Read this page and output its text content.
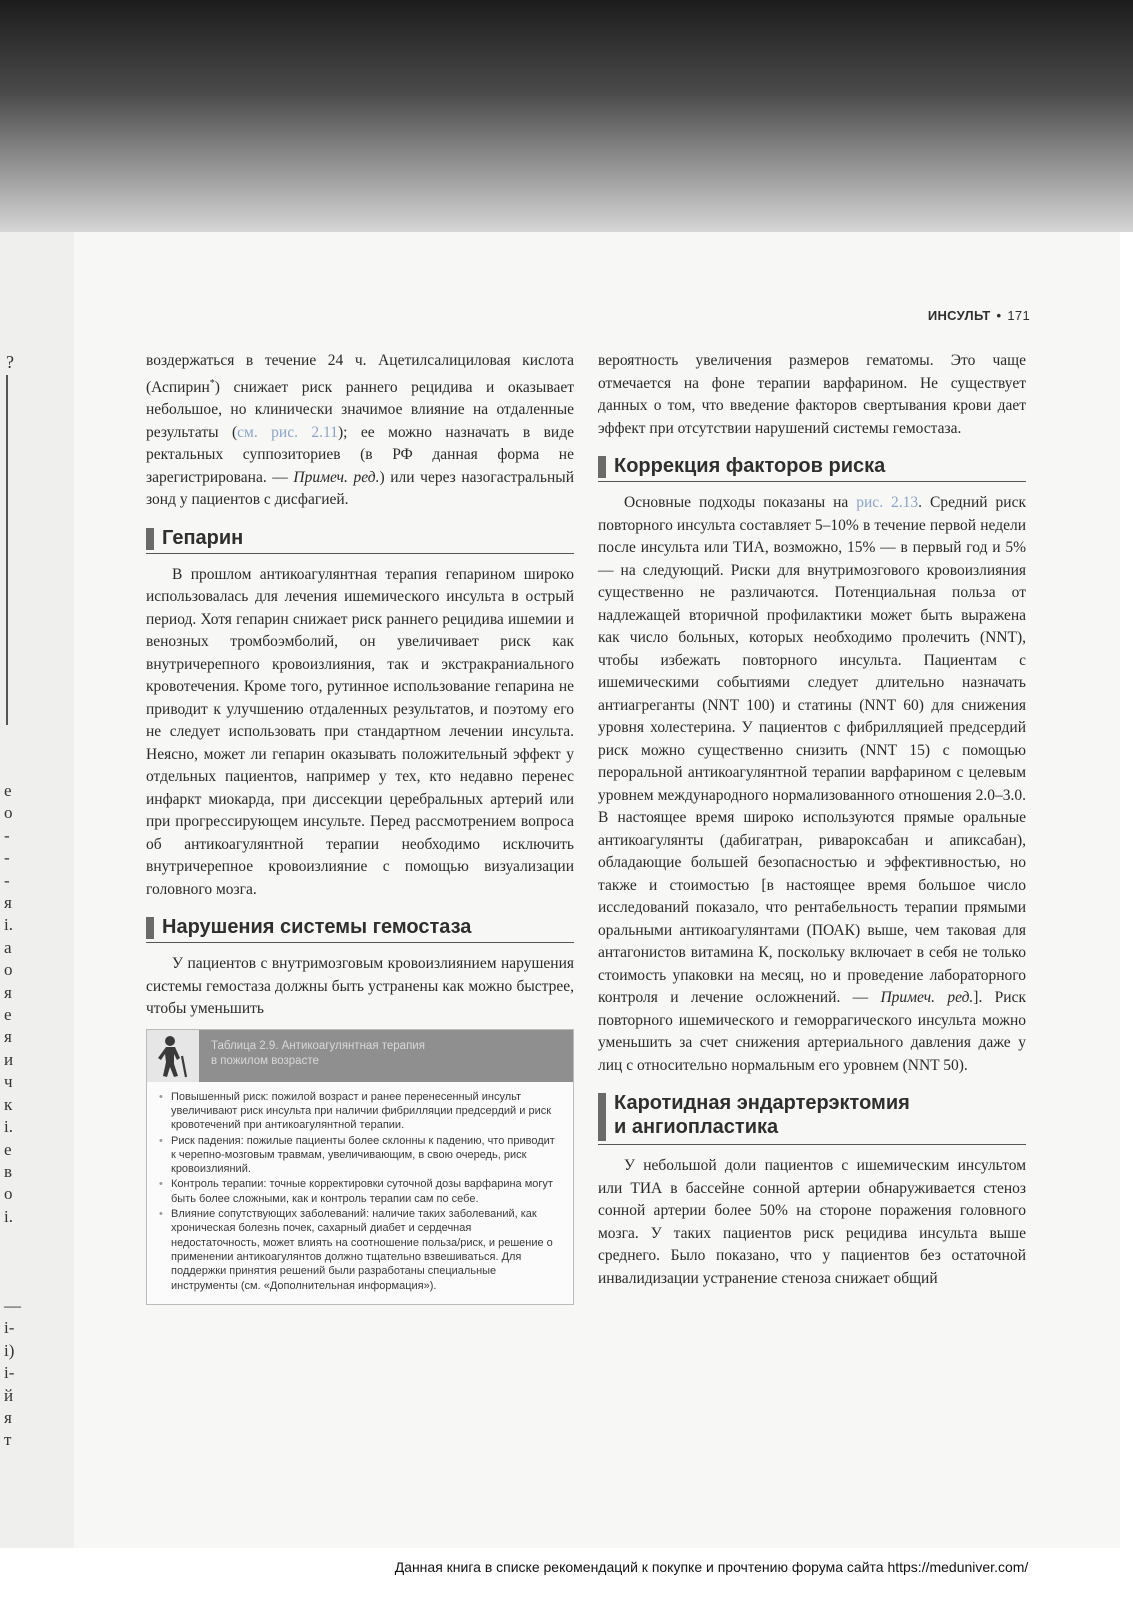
?
е
о
-
-
-
я
і.
а
о
я
е
я
и
ч
к
і.
е
в
о
і.
—
і-
і)
і-
й
я
т
ИНСУЛЬТ • 171

воздержаться в течение 24 ч. Ацетилсалициловая кислота (Аспирин*) снижает риск раннего рецидива и оказывает небольшое, но клинически значимое влияние на отдаленные результаты (см. рис. 2.11); ее можно назначать в виде ректальных суппозиториев (в РФ данная форма не зарегистрирована. — Примеч. ред.) или через назогастральный зонд у пациентов с дисфагией.

Гепарин

В прошлом антикоагулянтная терапия гепарином широко использовалась для лечения ишемического инсульта в острый период. Хотя гепарин снижает риск раннего рецидива ишемии и венозных тромбоэмболий, он увеличивает риск как внутричерепного кровоизлияния, так и экстракраниального кровотечения. Кроме того, рутинное использование гепарина не приводит к улучшению отдаленных результатов, и поэтому его не следует использовать при стандартном лечении инсульта. Неясно, может ли гепарин оказывать положительный эффект у отдельных пациентов, например у тех, кто недавно перенес инфаркт миокарда, при диссекции церебральных артерий или при прогрессирующем инсульте. Перед рассмотрением вопроса об антикоагулянтной терапии необходимо исключить внутричерепное кровоизлияние с помощью визуализации головного мозга.

Нарушения системы гемостаза

У пациентов с внутримозговым кровоизлиянием нарушения системы гемостаза должны быть устранены как можно быстрее, чтобы уменьшить

Таблица 2.9. Антикоагулянтная терапия
в пожилом возрасте
• Повышенный риск: пожилой возраст и ранее перенесенный инсульт увеличивают риск инсульта при наличии фибрилляции предсердий и риск кровотечений при антикоагулянтной терапии.
• Риск падения: пожилые пациенты более склонны к падению, что приводит к черепно-мозговым травмам, увеличивающим, в свою очередь, риск кровоизлияний.
• Контроль терапии: точные корректировки суточной дозы варфарина могут быть более сложными, как и контроль терапии сам по себе.
• Влияние сопутствующих заболеваний: наличие таких заболеваний, как хроническая болезнь почек, сахарный диабет и сердечная недостаточность, может влиять на соотношение польза/риск, и решение о применении антикоагулянтов должно тщательно взвешиваться. Для поддержки принятия решений были разработаны специальные инструменты (см. «Дополнительная информация»).

вероятность увеличения размеров гематомы. Это чаще отмечается на фоне терапии варфарином. Не существует данных о том, что введение факторов свертывания крови дает эффект при отсутствии нарушений системы гемостаза.

Коррекция факторов риска

Основные подходы показаны на рис. 2.13. Средний риск повторного инсульта составляет 5–10% в течение первой недели после инсульта или ТИА, возможно, 15% — в первый год и 5% — на следующий. Риски для внутримозгового кровоизлияния существенно не различаются. Потенциальная польза от надлежащей вторичной профилактики может быть выражена как число больных, которых необходимо пролечить (NNT), чтобы избежать повторного инсульта. Пациентам с ишемическими событиями следует длительно назначать антиагреганты (NNT 100) и статины (NNT 60) для снижения уровня холестерина. У пациентов с фибрилляцией предсердий риск можно существенно снизить (NNT 15) с помощью пероральной антикоагулянтной терапии варфарином с целевым уровнем международного нормализованного отношения 2.0–3.0. В настоящее время широко используются прямые оральные антикоагулянты (дабигатран, ривароксабан и апиксабан), обладающие большей безопасностью и эффективностью, но также и стоимостью [в настоящее время большое число исследований показало, что рентабельность терапии прямыми оральными антикоагулянтами (ПОАК) выше, чем таковая для антагонистов витамина К, поскольку включает в себя не только стоимость упаковки на месяц, но и проведение лабораторного контроля и лечение осложнений. — Примеч. ред.]. Риск повторного ишемического и геморрагического инсульта можно уменьшить за счет снижения артериального давления даже у лиц с относительно нормальным его уровнем (NNT 50).

Каротидная эндартерэктомия
и ангиопластика

У небольшой доли пациентов с ишемическим инсультом или ТИА в бассейне сонной артерии обнаруживается стеноз сонной артерии более 50% на стороне поражения головного мозга. У таких пациентов риск рецидива инсульта выше среднего. Было показано, что у пациентов без остаточной инвалидизации устранение стеноза снижает общий

Данная книга в списке рекомендаций к покупке и прочтению форума сайта https://meduniver.com/
